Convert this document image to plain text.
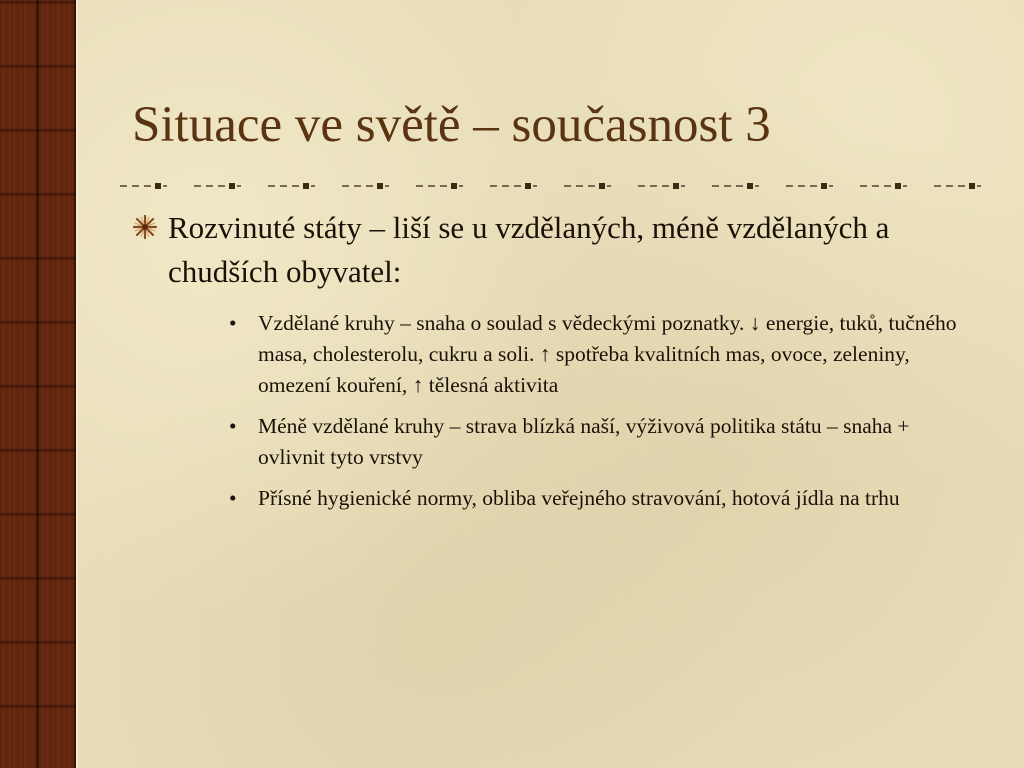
Situace ve světě – současnost 3
Rozvinuté státy – liší se u vzdělaných, méně vzdělaných a chudších obyvatel:
• Vzdělané kruhy – snaha o soulad s vědeckými poznatky. ↓ energie, tuků, tučného masa, cholesterolu, cukru a soli. ↑ spotřeba kvalitních mas, ovoce, zeleniny, omezení kouření, ↑ tělesná aktivita
• Méně vzdělané kruhy – strava blízká naší, výživová politika státu – snaha + ovlivnit tyto vrstvy
• Přísné hygienické normy, obliba veřejného stravování, hotová jídla na trhu
